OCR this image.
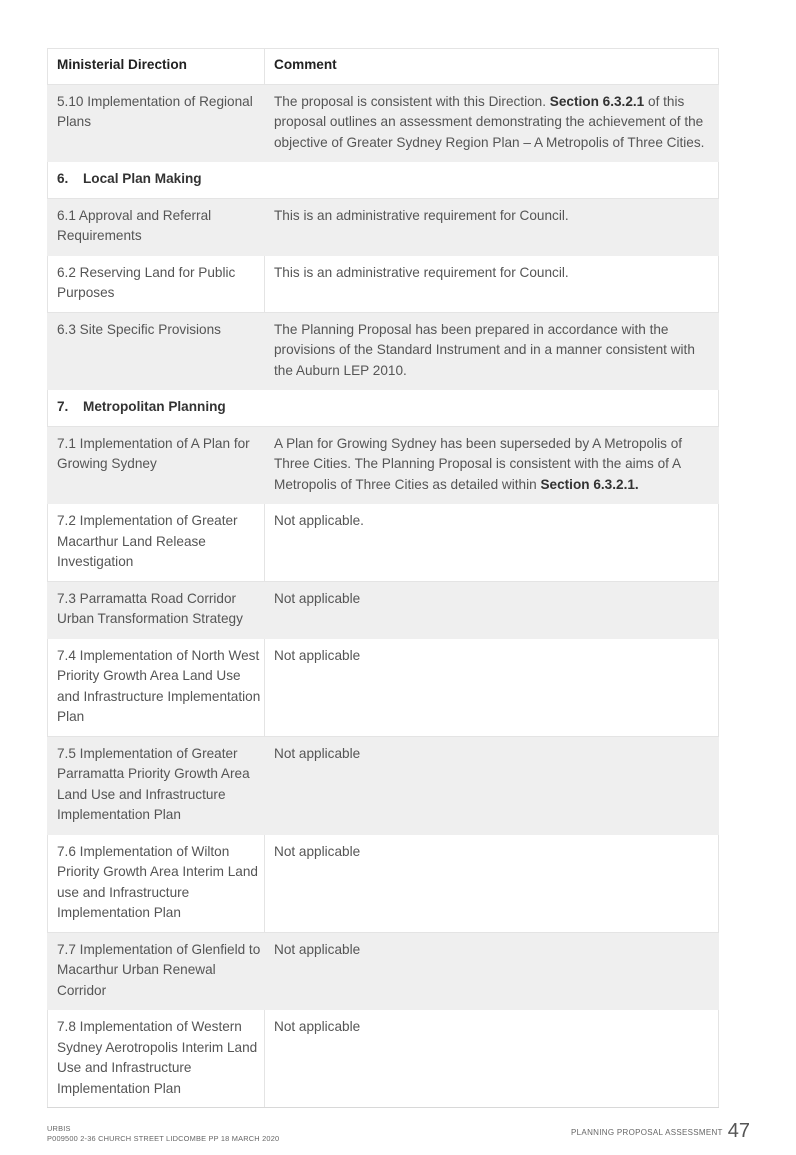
Ministerial Direction	Comment
5.10 Implementation of Regional Plans	The proposal is consistent with this Direction. Section 6.3.2.1 of this proposal outlines an assessment demonstrating the achievement of the objective of Greater Sydney Region Plan – A Metropolis of Three Cities.
6. Local Plan Making	
6.1 Approval and Referral Requirements	This is an administrative requirement for Council.
6.2 Reserving Land for Public Purposes	This is an administrative requirement for Council.
6.3 Site Specific Provisions	The Planning Proposal has been prepared in accordance with the provisions of the Standard Instrument and in a manner consistent with the Auburn LEP 2010.
7. Metropolitan Planning	
7.1 Implementation of A Plan for Growing Sydney	A Plan for Growing Sydney has been superseded by A Metropolis of Three Cities. The Planning Proposal is consistent with the aims of A Metropolis of Three Cities as detailed within Section 6.3.2.1.
7.2 Implementation of Greater Macarthur Land Release Investigation	Not applicable.
7.3 Parramatta Road Corridor Urban Transformation Strategy	Not applicable
7.4 Implementation of North West Priority Growth Area Land Use and Infrastructure Implementation Plan	Not applicable
7.5 Implementation of Greater Parramatta Priority Growth Area Land Use and Infrastructure Implementation Plan	Not applicable
7.6 Implementation of Wilton Priority Growth Area Interim Land use and Infrastructure Implementation Plan	Not applicable
7.7 Implementation of Glenfield to Macarthur Urban Renewal Corridor	Not applicable
7.8 Implementation of Western Sydney Aerotropolis Interim Land Use and Infrastructure Implementation Plan	Not applicable
URBIS
P009500 2-36 CHURCH STREET LIDCOMBE PP 18 MARCH 2020
PLANNING PROPOSAL ASSESSMENT 47
